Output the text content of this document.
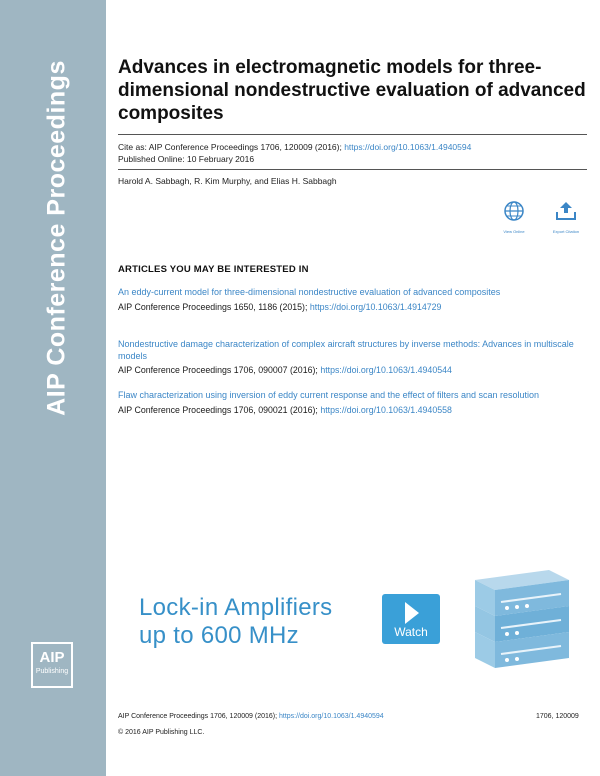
AIP Conference Proceedings
AIP
Publishing
Advances in electromagnetic models for three-dimensional nondestructive evaluation of advanced composites
Cite as: AIP Conference Proceedings 1706, 120009 (2016); https://doi.org/10.1063/1.4940594
Published Online: 10 February 2016
Harold A. Sabbagh, R. Kim Murphy, and Elias H. Sabbagh
View Online	Export Citation
ARTICLES YOU MAY BE INTERESTED IN
An eddy-current model for three-dimensional nondestructive evaluation of advanced composites
AIP Conference Proceedings 1650, 1186 (2015); https://doi.org/10.1063/1.4914729
Nondestructive damage characterization of complex aircraft structures by inverse methods: Advances in multiscale models
AIP Conference Proceedings 1706, 090007 (2016); https://doi.org/10.1063/1.4940544
Flaw characterization using inversion of eddy current response and the effect of filters and scan resolution
AIP Conference Proceedings 1706, 090021 (2016); https://doi.org/10.1063/1.4940558
Lock-in Amplifiers
up to 600 MHz	Watch
AIP Conference Proceedings 1706, 120009 (2016); https://doi.org/10.1063/1.4940594	1706, 120009
© 2016 AIP Publishing LLC.
